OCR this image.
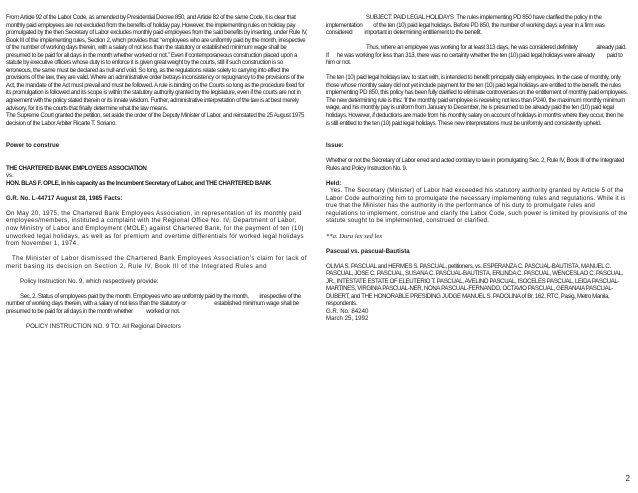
From Article 92 of the Labor Code, as amended by Presidential Decree 850, and Article 82 of the same Code, it is clear that monthly paid employees are not excluded from the benefits of holiday pay. However, the implementing rules on holiday pay promulgated by the then Secretary of Labor excludes monthly paid employees from the said benefits by inserting, under Rule IV, Book III of the implementing rules, Section 2, which provides that: “employees who are uniformly paid by the month, irrespective of the number of working days therein, with a salary of not less than the statutory or established minimum wage shall be presumed to be paid for all days in the month whether worked or not.” Even if contemporaneous construction placed upon a statute by executive officers whose duty is to enforce it is given great weight by the courts, still if such construction is so erroneous, the same must be declared as null and void. So long, as the regulations relate solely to carrying into effect the provisions of the law, they are valid. Where an administrative order betrays inconsistency or repugnancy to the provisions of the Act, the mandate of the Act must prevail and must be followed. A rule is binding on the Courts so long as the procedure fixed for its promulgation is followed and its scope is within the statutory authority granted by the legislature, even if the courts are not in agreement with the policy stated therein or its innate wisdom. Further, administrative interpretation of the law is at best merely advisory, for it is the courts that finally determine what the law means.

The Supreme Court granted the petition, set aside the order of the Deputy Minister of Labor, and reinstated the 25 August 1975 decision of the Labor Arbiter Ricarte T. Soriano.

Power to construe

THE CHARTERED BANK EMPLOYEES ASSOCIATION

vs.

HON. BLAS F. OPLE, in his capacity as the Incumbent Secretary of Labor, and THE CHARTERED BANK

G.R. No. L-44717 August 28, 1985 Facts:

On May 20, 1975, the Chartered Bank Employees Association, in representation of its monthly paid employees/members, instituted a complaint with the Regional Office No. IV, Department of Labor, now Ministry of Labor and Employment (MOLE) against Chartered Bank, for the payment of ten (10) unworked legal holidays, as well as for premium and overtime differentials for worked legal holidays from November 1, 1974.

The Minister of Labor dismissed the Chartered Bank Employees Association’s claim for lack of merit basing its decision on Section 2, Rule IV, Book III of the Integrated Rules and

Policy Instruction No. 9, which respectively provide:

Sec. 2. Status of employees paid by the month. Employees who are uniformly paid by the month,        irrespective of the number of working days therein, with a salary of not less than the statutory or                     established minimum wage shall be presumed to be paid for all days in the month whether          worked or not.

POLICY INSTRUCTION NO. 9 TO: All Regional Directors

SUBJECT: PAID LEGAL HOLIDAYS  The rules implementing PD 850 have clarified the policy in the implementation        of the ten (10) paid legal holidays. Before PD 850, the number of working days a year in a firm was considered         important in determining entitlement to the benefit.

Thus, where an employee was working for at least 313 days, he was considered definitely              already paid. If      he was working for less than 313, there was no certainty whether the ten (10) paid legal holidays were already         paid to him or not.

The ten (10) paid legal holidays law, to start with, is intended to benefit principally daily employees. In the case of monthly, only those whose monthly salary did not yet include payment for the ten (10) paid legal holidays are entitled to the benefit. the rules implementing PD 850, this policy has been fully clarified to eliminate controversies on the entitlement of monthly paid employees. The new determining rule is this: ‘If the monthly paid employee is receiving not less than P240, the maximum monthly minimum wage, and his monthly pay is uniform from January to December, he is presumed to be already paid the ten (10) paid legal holidays. However, if deductions are made from his monthly salary on account of holidays in months where they occur, then he is still entitled to the ten (10) paid legal holidays. These new interpretations must be uniformly and consistently upheld.

Issue:

Whether or not the Secretary of Labor erred and acted contrary to law in promulgating Sec. 2, Rule IV, Book III of the Integrated Rules and Policy Instruction No. 9.

Held:

Yes. The Secretary (Minister) of Labor had exceeded his statutory authority granted by Article 5 of the Labor Code authorizing him to promulgate the necessary implementing rules and regulations. While it is true that the Minister has the authority in the performance of his duty to promulgate rules and regulations to implement, construe and clarify the Labor Code, such power is limited by provisions of the statute sought to be implemented, construed or clarified.

**a. Dura lex sed lex

Pascual vs. pascual-Bautista

OLIVIA S. PASCUAL and HERMES S. PASCUAL, petitioners, vs. ESPERANZA C. PASCUAL-BAUTISTA, MANUEL C. PASCUAL, JOSE C. PASCUAL, SUSANA C. PASCUAL-BAUTISTA, ERLINDA C. PASCUAL, WENCESLAO C. PASCUAL, JR., INTESTATE ESTATE OF ELEUTERIO T. PASCUAL, AVELINO PASCUAL, ISOCELES PASCUAL, LEIDA PASCUAL-MARTINES, VIRGINIA PASCUAL-NER, NONA PASCUAL-FERNANDO, OCTAVIO PASCUAL, GERANAIA PASCUAL-DUBERT, and THE HONORABLE PRESIDING JUDGE MANUEL S. PADOLINA of Br. 162, RTC, Pasig, Metro Manila, respondents.

G.R. No. 84240

March 25, 1992

2
